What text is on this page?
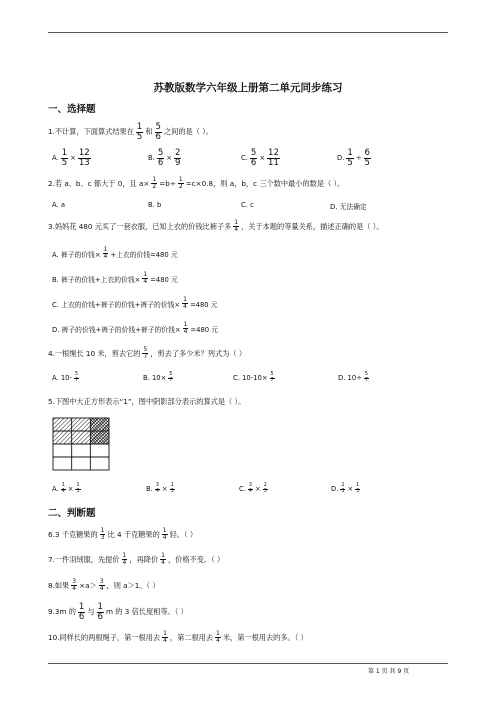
苏教版数学六年级上册第二单元同步练习
一、选择题
1.不计算，下面算式结果在 1
5 和 5
6 之间的是（ ）。
A. $\frac{1}{5} \times \frac{12}{13}$	B. $\frac{5}{6} \times \frac{2}{9}$	C. $\frac{5}{6} \times \frac{12}{11}$	D. $\frac{1}{5} \div \frac{6}{5}$
2.若 a、b、c 都大于 0，且 $a\times \frac{1}{2} =b\div \frac{1}{2} =c\times 0.8$，则 a，b，c 三个数中最小的数是（ ）。
A. a	B. b	C. c	D. 无法确定
3.妈妈花 480 元买了一套衣服，已知上衣的价钱比裤子多 1
4 ，关于本题的等量关系，描述正确的是（ ）。
A. 裤子的价钱× $\frac{1}{4}$ +上衣的价钱=480 元
B. 裤子的价钱+上衣的价钱× $\frac{1}{4} =480$ 元
C. 上衣的价钱+裤子的价钱+裤子的价钱× $\frac{1}{4} =480$ 元
D. 裤子的价钱+裤子的价钱+裤子的价钱× $\frac{1}{4} =480$ 元
4.一根绳长 10 米，剪去它的 5
7 ，剪去了多少米？列式为（ ）
A. 10- 5
7	B. $10\times \frac{5}{7}$	C. $10-10\times \frac{5}{7}$	D. $10\div \frac{5}{7}$
5.下图中大正方形表示“1”，图中阴影部分表示的算式是（ ）。
A. $\frac{1}{4} \times \frac{1}{3}$	B. $\frac{3}{4} \times \frac{1}{3}$	C. $\frac{3}{4} \times \frac{2}{3}$	D. $\frac{2}{3} \times \frac{1}{3}$
二、判断题
6.3 千克糖果的 1
3 比 4 千克糖果的 1
4 轻。（ ）
7.一件羽绒服，先提价 1
4 ，再降价 1
4 ，价格不变。（ ）
8.如果 $\frac{3}{4} \times a> 3$
4 ，则 a＞1。（ ）
9.3m 的 1
6 与 1
6 m 的 3 倍长度相等。（ ）
10.同样长的两根绳子，第一根用去 1
4 ，第二根用去 1
4 米，第一根用去的多。（ ）
第 1 页 共 9 页
